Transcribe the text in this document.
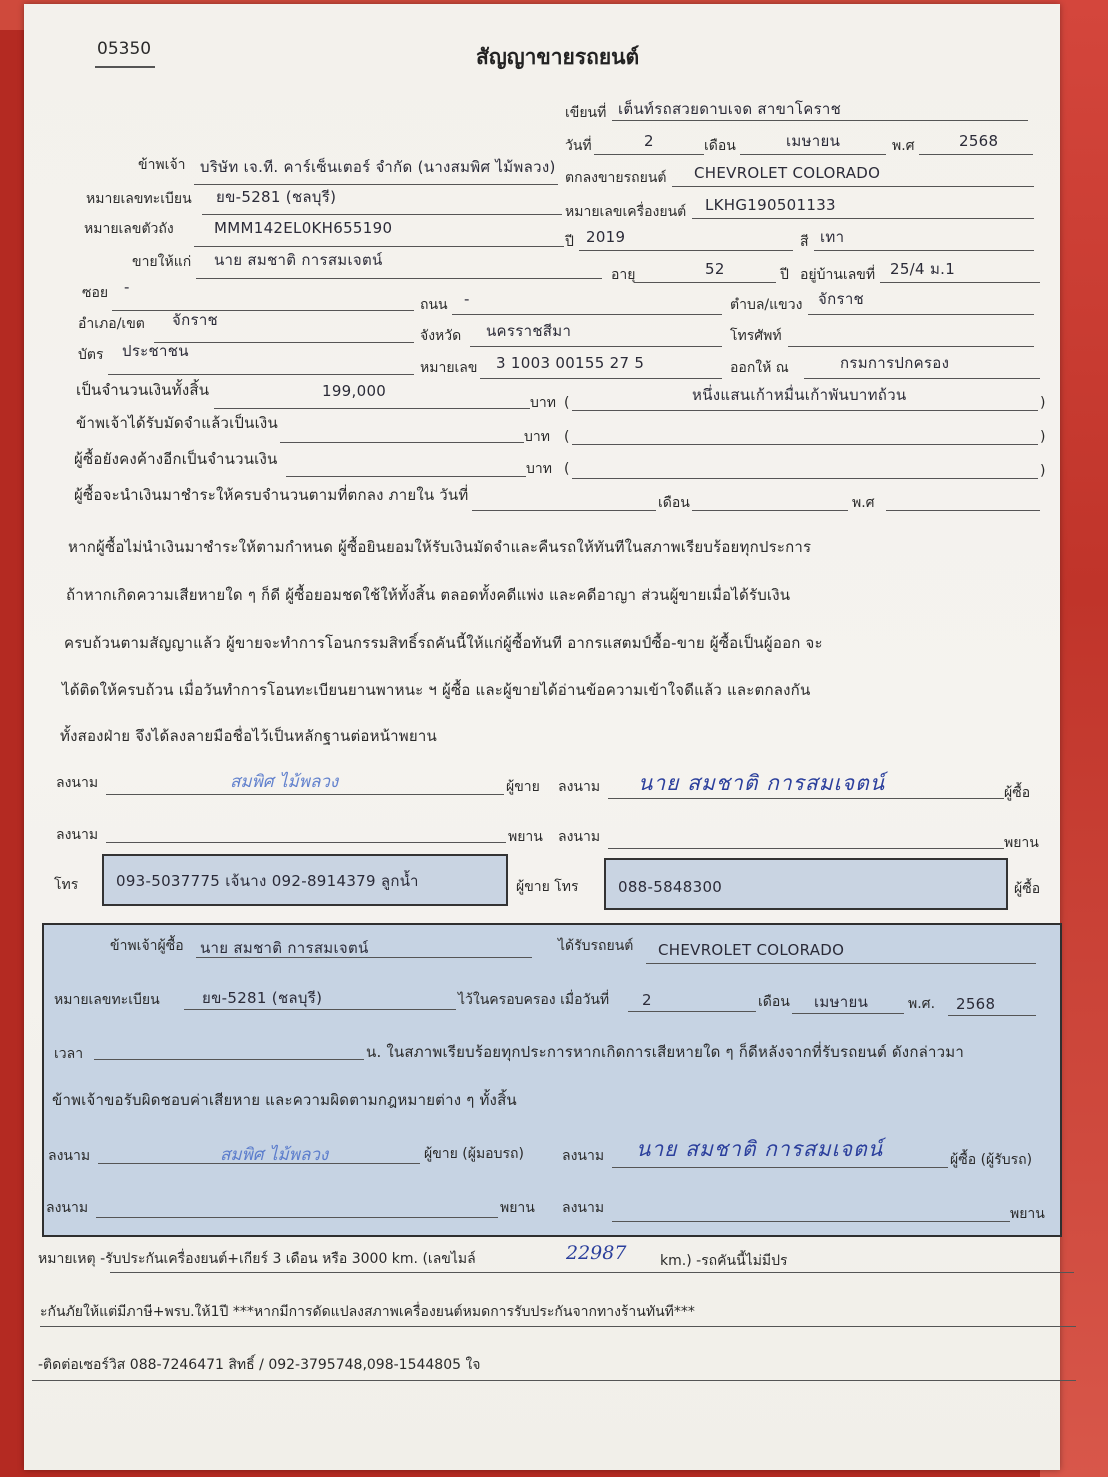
05350	สัญญาขายรถยนต์
เขียนที่ เต็นท์รถสวยดาบเจด สาขาโคราช
วันที่	2	เดือน	เมษายน	พ.ศ	2568
ข้าพเจ้า บริษัท เจ.ที. คาร์เซ็นเตอร์ จำกัด (นางสมพิศ ไม้พลวง)
ตกลงขายรถยนต์ CHEVROLET COLORADO
หมายเลขทะเบียน ยข-5281 (ชลบุรี)
หมายเลขเครื่องยนต์ LKHG190501133
หมายเลขตัวถัง	MMM142EL0KH655190
ปี 2019	สี เทา
ขายให้แก่ นาย สมชาติ การสมเจตน์
อายุ	52	ปี อยู่บ้านเลขที่ 25/4 ม.1
ซอย -
ถนน -	ตำบล/แขวง จักราช
อำเภอ/เขต จักราช
จังหวัด นครราชสีมา	โทรศัพท์
บัตร ประชาชน
หมายเลข 3 1003 00155 27 5	ออกให้ ณ	กรมการปกครอง
เป็นจำนวนเงินทั้งสิ้น	199,000
บาท (	หนึ่งแสนเก้าหมื่นเก้าพันบาทถ้วน	)
ข้าพเจ้าได้รับมัดจำแล้วเป็นเงิน
บาท (	)
ผู้ซื้อยังคงค้างอีกเป็นจำนวนเงิน
บาท (	)
ผู้ซื้อจะนำเงินมาชำระให้ครบจำนวนตามที่ตกลง ภายใน วันที่	เดือน	พ.ศ
หากผู้ซื้อไม่นำเงินมาชำระให้ตามกำหนด ผู้ซื้อยินยอมให้รับเงินมัดจำและคืนรถให้ทันทีในสภาพเรียบร้อยทุกประการ
ถ้าหากเกิดความเสียหายใด ๆ ก็ดี ผู้ซื้อยอมชดใช้ให้ทั้งสิ้น ตลอดทั้งคดีแพ่ง และคดีอาญา ส่วนผู้ขายเมื่อได้รับเงิน
ครบถ้วนตามสัญญาแล้ว ผู้ขายจะทำการโอนกรรมสิทธิ์รถคันนี้ให้แก่ผู้ซื้อทันที อากรแสตมป์ซื้อ-ขาย ผู้ซื้อเป็นผู้ออก จะ
ได้ติดให้ครบถ้วน เมื่อวันทำการโอนทะเบียนยานพาหนะ ฯ ผู้ซื้อ และผู้ขายได้อ่านข้อความเข้าใจดีแล้ว และตกลงกัน
ทั้งสองฝ่าย จึงได้ลงลายมือชื่อไว้เป็นหลักฐานต่อหน้าพยาน
ลงนาม	สมพิศ ไม้พลวง	ผู้ขาย ลงนาม นาย สมชาติ การสมเจตน์	ผู้ซื้อ
ลงนาม	พยาน ลงนาม	พยาน
โทร	093-5037775 เจ้นาง 092-8914379 ลูกน้ำ	ผู้ขาย โทร	088-5848300	ผู้ซื้อ
ข้าพเจ้าผู้ซื้อ นาย สมชาติ การสมเจตน์	ได้รับรถยนต์ CHEVROLET COLORADO
หมายเลขทะเบียน	ยข-5281 (ชลบุรี)	ไว้ในครอบครอง เมื่อวันที่ 2	เดือน เมษายน	พ.ศ. 2568
เวลา	น. ในสภาพเรียบร้อยทุกประการหากเกิดการเสียหายใด ๆ ก็ดีหลังจากที่รับรถยนต์ ดังกล่าวมา
ข้าพเจ้าขอรับผิดชอบค่าเสียหาย และความผิดตามกฎหมายต่าง ๆ ทั้งสิ้น
ลงนาม	สมพิศ ไม้พลวง	ผู้ขาย (ผู้มอบรถ)	ลงนาม นาย สมชาติ การสมเจตน์	ผู้ซื้อ (ผู้รับรถ)
ลงนาม	พยาน ลงนาม	พยาน
หมายเหตุ -รับประกันเครื่องยนต์+เกียร์ 3 เดือน หรือ 3000 km. (เลขไมล์	22987 km.) -รถคันนี้ไม่มีปร
ะกันภัยให้แต่มีภาษี+พรบ.ให้1ปี ***หากมีการดัดแปลงสภาพเครื่องยนต์หมดการรับประกันจากทางร้านทันที***
-ติดต่อเซอร์วิส 088-7246471 สิทธิ์ / 092-3795748,098-1544805 ใจ
